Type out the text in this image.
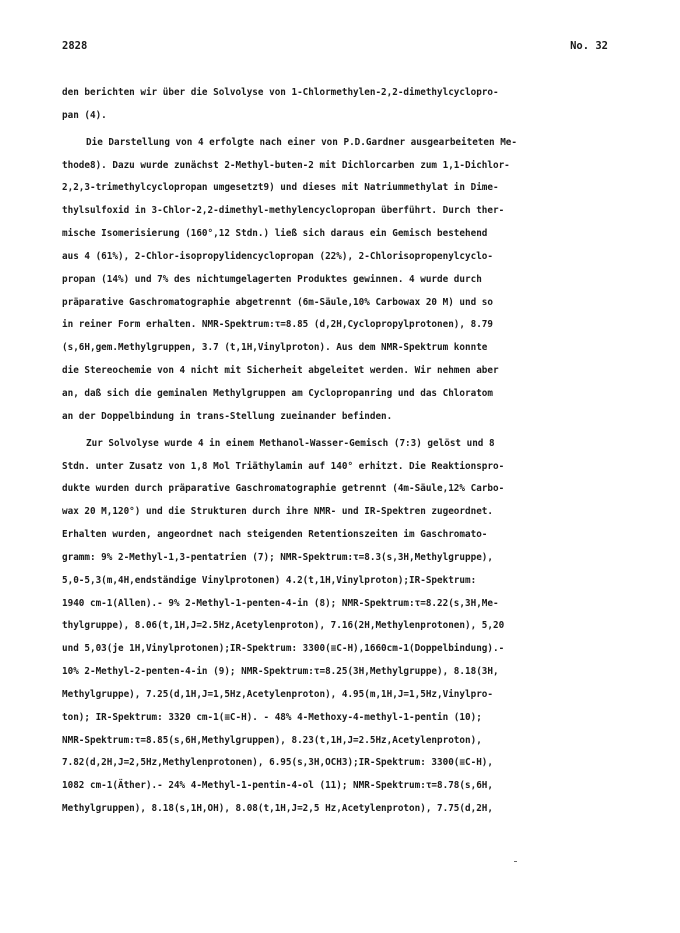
2828	No. 32
den berichten wir über die Solvolyse von 1-Chlormethylen-2,2-dimethylcyclopro-
pan (4).
Die Darstellung von 4 erfolgte nach einer von P.D.Gardner ausgearbeiteten Me-
thode8). Dazu wurde zunächst 2-Methyl-buten-2 mit Dichlorcarben zum 1,1-Dichlor-
2,2,3-trimethylcyclopropan umgesetzt9) und dieses mit Natriummethylat in Dime-
thylsulfoxid in 3-Chlor-2,2-dimethyl-methylencyclopropan überführt. Durch ther-
mische Isomerisierung (160°,12 Stdn.) ließ sich daraus ein Gemisch bestehend
aus 4 (61%), 2-Chlor-isopropylidencyclopropan (22%), 2-Chlorisopropenylcyclo-
propan (14%) und 7% des nichtumgelagerten Produktes gewinnen. 4 wurde durch
präparative Gaschromatographie abgetrennt (6m-Säule,10% Carbowax 20 M) und so
in reiner Form erhalten. NMR-Spektrum:τ=8.85 (d,2H,Cyclopropylprotonen), 8.79
(s,6H,gem.Methylgruppen, 3.7 (t,1H,Vinylproton). Aus dem NMR-Spektrum konnte
die Stereochemie von 4 nicht mit Sicherheit abgeleitet werden. Wir nehmen aber
an, daß sich die geminalen Methylgruppen am Cyclopropanring und das Chloratom
an der Doppelbindung in trans-Stellung zueinander befinden.
Zur Solvolyse wurde 4 in einem Methanol-Wasser-Gemisch (7:3) gelöst und 8
Stdn. unter Zusatz von 1,8 Mol Triäthylamin auf 140° erhitzt. Die Reaktionspro-
dukte wurden durch präparative Gaschromatographie getrennt (4m-Säule,12% Carbo-
wax 20 M,120°) und die Strukturen durch ihre NMR- und IR-Spektren zugeordnet.
Erhalten wurden, angeordnet nach steigenden Retentionszeiten im Gaschromato-
gramm: 9% 2-Methyl-1,3-pentatrien (7); NMR-Spektrum:τ=8.3(s,3H,Methylgruppe),
5,0-5,3(m,4H,endständige Vinylprotonen) 4.2(t,1H,Vinylproton);IR-Spektrum:
1940 cm-1(Allen).- 9% 2-Methyl-1-penten-4-in (8); NMR-Spektrum:τ=8.22(s,3H,Me-
thylgruppe), 8.06(t,1H,J=2.5Hz,Acetylenproton), 7.16(2H,Methylenprotonen), 5,20
und 5,03(je 1H,Vinylprotonen);IR-Spektrum: 3300(≡C-H),1660cm-1(Doppelbindung).-
10% 2-Methyl-2-penten-4-in (9); NMR-Spektrum:τ=8.25(3H,Methylgruppe), 8.18(3H,
Methylgruppe), 7.25(d,1H,J=1,5Hz,Acetylenproton), 4.95(m,1H,J=1,5Hz,Vinylpro-
ton); IR-Spektrum: 3320 cm-1(≡C-H). - 48% 4-Methoxy-4-methyl-1-pentin (10);
NMR-Spektrum:τ=8.85(s,6H,Methylgruppen), 8.23(t,1H,J=2.5Hz,Acetylenproton),
7.82(d,2H,J=2,5Hz,Methylenprotonen), 6.95(s,3H,OCH3);IR-Spektrum: 3300(≡C-H),
1082 cm-1(Äther).- 24% 4-Methyl-1-pentin-4-ol (11); NMR-Spektrum:τ=8.78(s,6H,
Methylgruppen), 8.18(s,1H,OH), 8.08(t,1H,J=2,5 Hz,Acetylenproton), 7.75(d,2H,
